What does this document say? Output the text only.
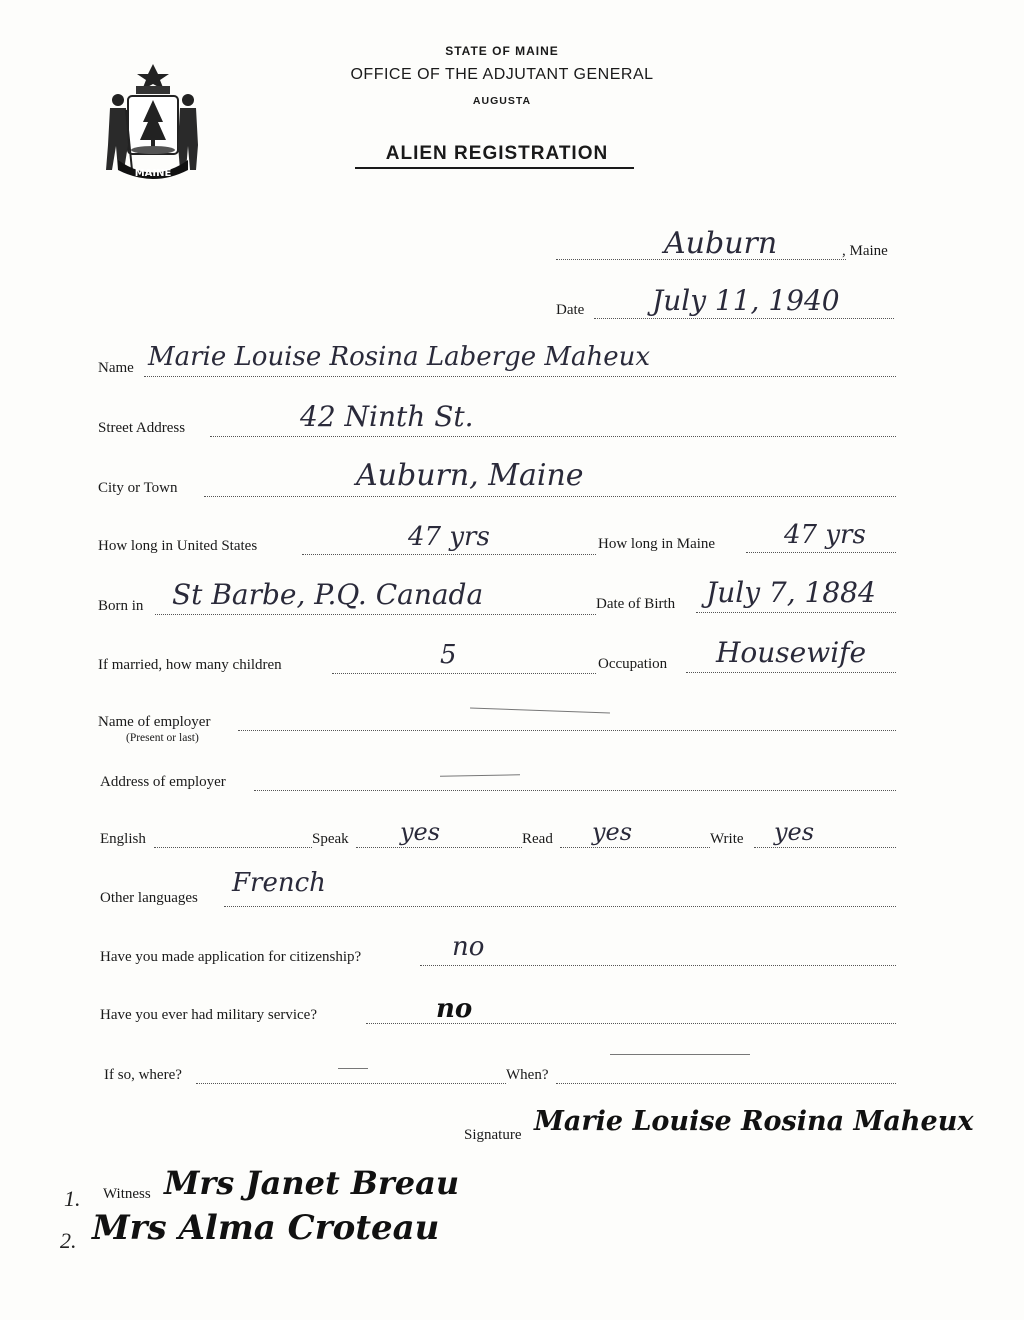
STATE OF MAINE
OFFICE OF THE ADJUTANT GENERAL
AUGUSTA
ALIEN REGISTRATION
MAINE
Auburn	, Maine
Date July 11, 1940
Name Marie Louise Rosina Laberge Maheux
Street Address	42 Ninth St.
City or Town	Auburn, Maine
How long in United States	47 yrs	How long in Maine	47 yrs
Born in St Barbe, P.Q. Canada	Date of Birth July 7, 1884
If married, how many children	5	Occupation Housewife
Name of employer
(Present or last)
Address of employer
English	Speak yes	Read yes	Write yes
Other languages French
Have you made application for citizenship?	no
Have you ever had military service?	no
If so, where?	When?
Signature Marie Louise Rosina Maheux
1. Witness Mrs Janet Breau
2. Mrs Alma Croteau
